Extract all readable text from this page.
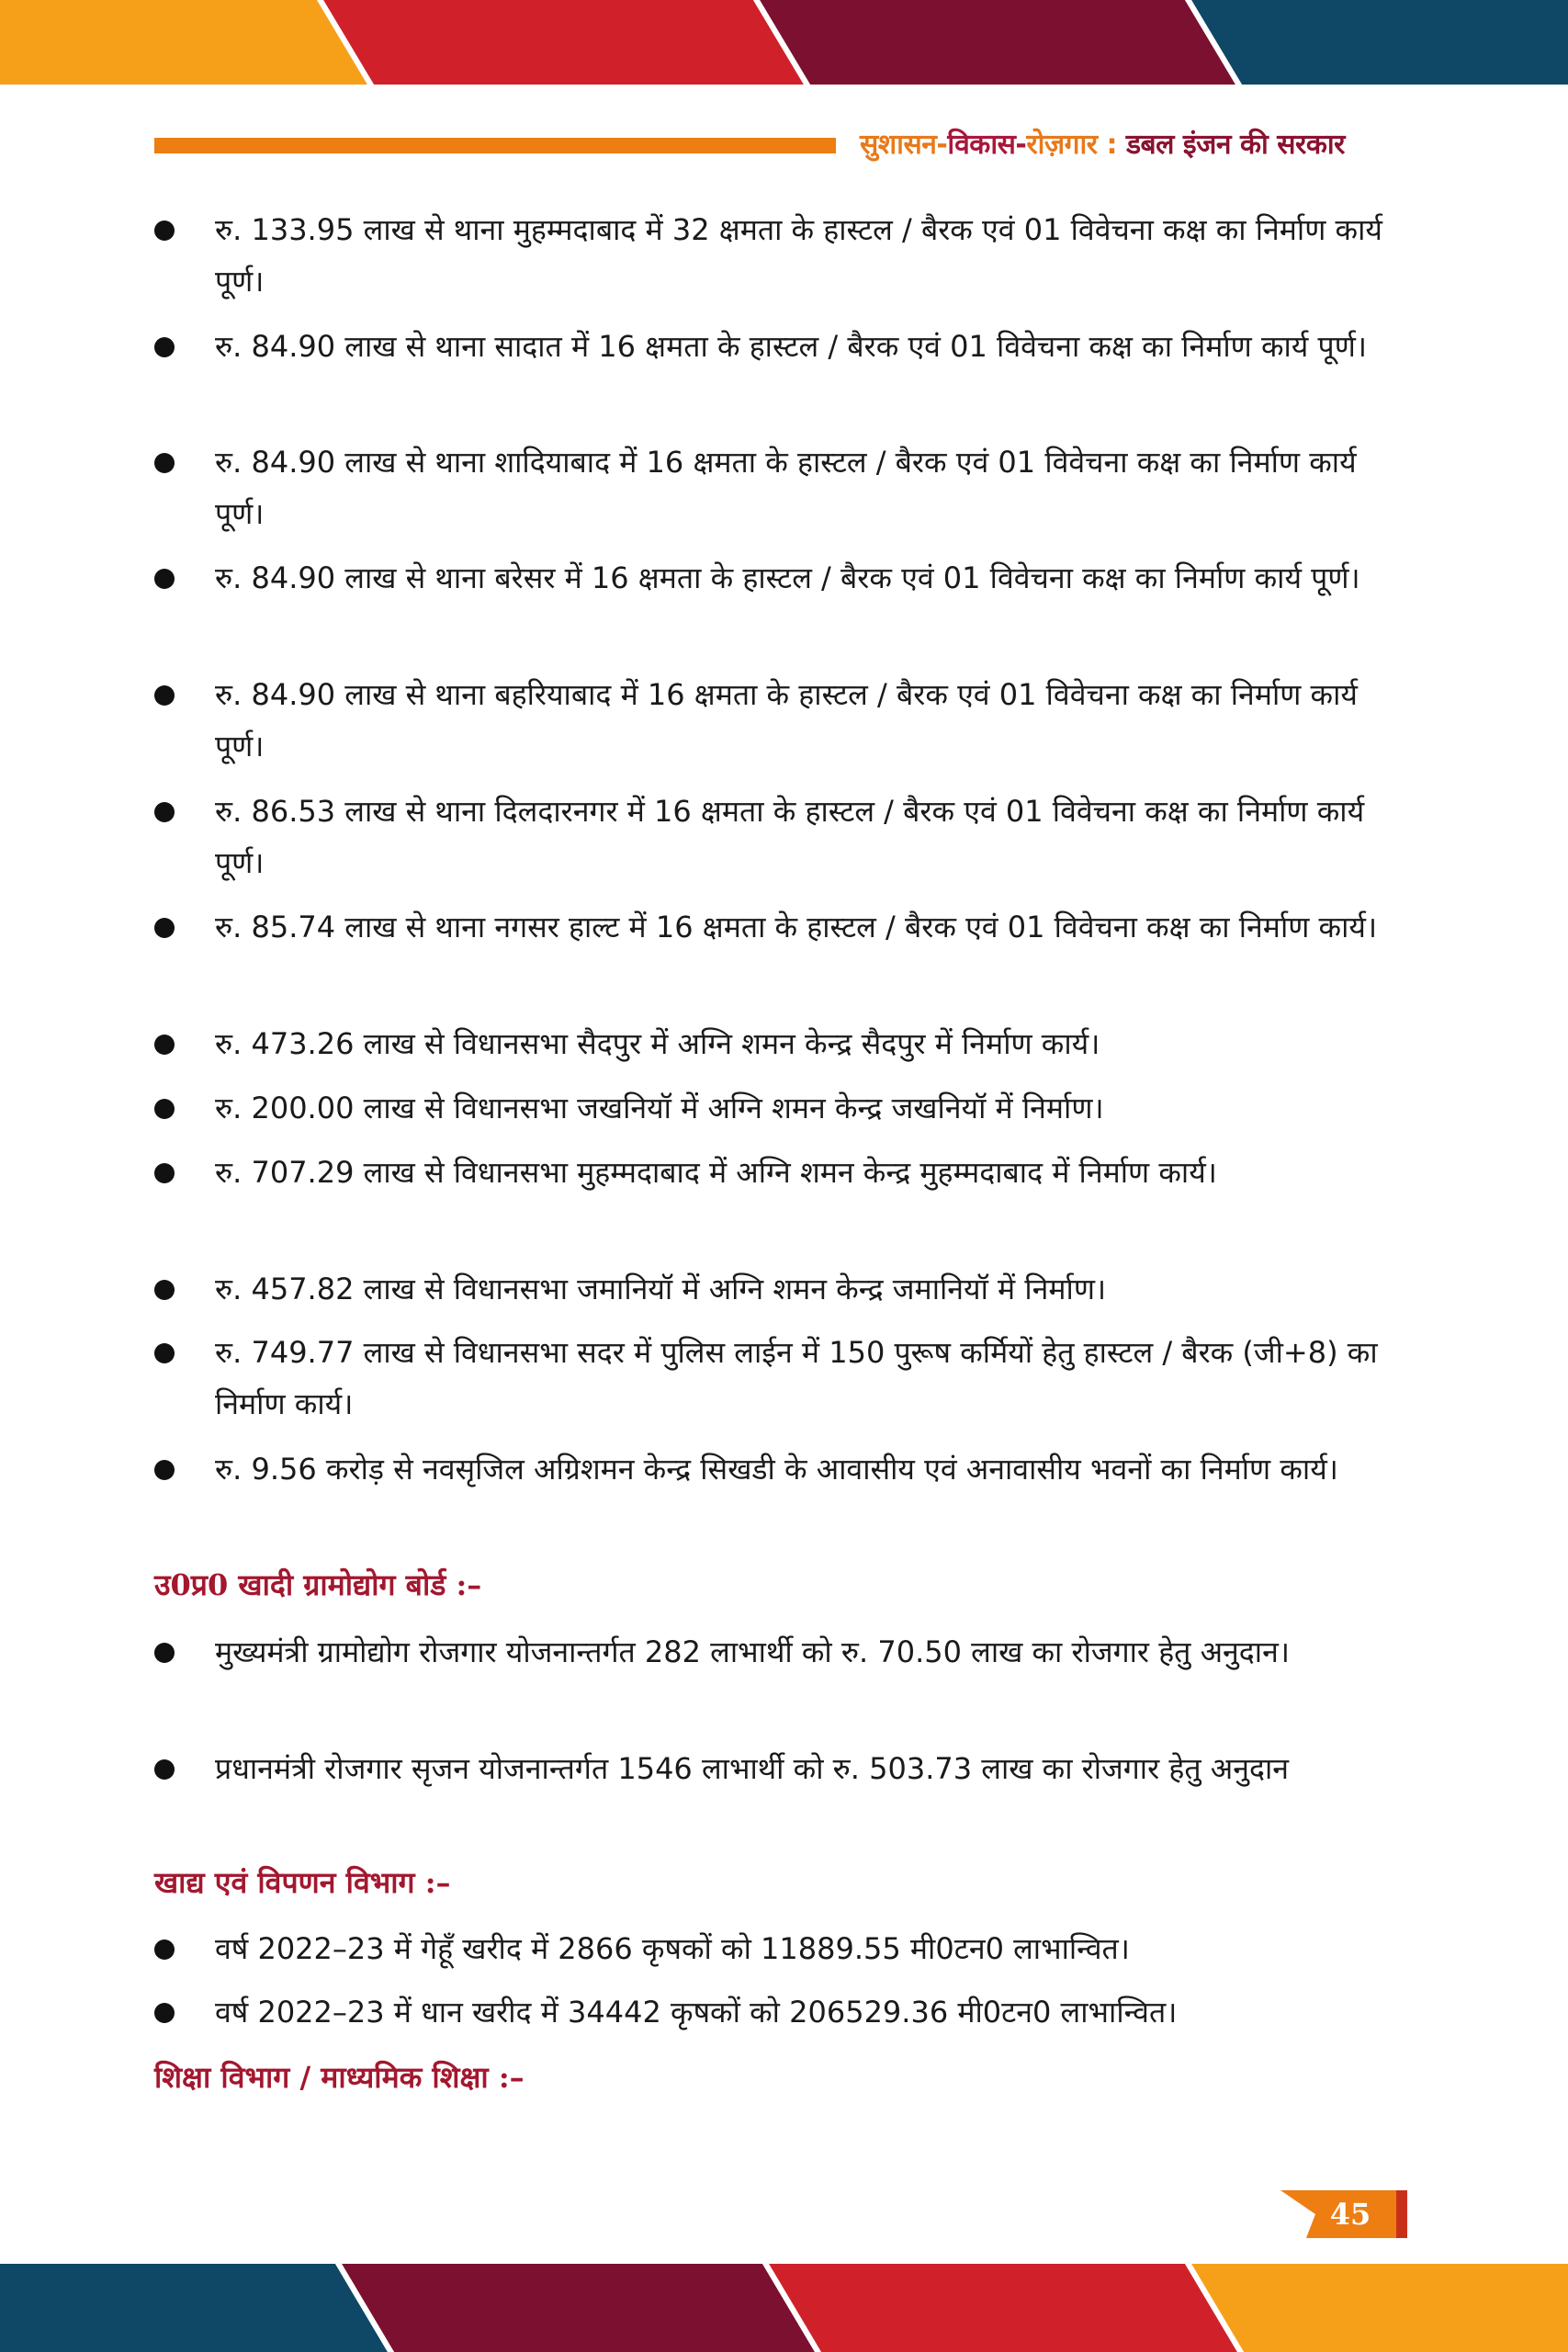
सुशासन-विकास-रोज़गार : डबल इंजन की सरकार
रु. 133.95 लाख से थाना मुहम्मदाबाद में 32 क्षमता के हास्टल / बैरक एवं 01 विवेचना कक्ष का निर्माण कार्य पूर्ण।
रु. 84.90 लाख से थाना सादात में 16 क्षमता के हास्टल / बैरक एवं 01 विवेचना कक्ष का निर्माण कार्य पूर्ण।
रु. 84.90 लाख से थाना शादियाबाद में 16 क्षमता के हास्टल / बैरक एवं 01 विवेचना कक्ष का निर्माण कार्य पूर्ण।
रु. 84.90 लाख से थाना बरेसर में 16 क्षमता के हास्टल / बैरक एवं 01 विवेचना कक्ष का निर्माण कार्य पूर्ण।
रु. 84.90 लाख से थाना बहरियाबाद में 16 क्षमता के हास्टल / बैरक एवं 01 विवेचना कक्ष का निर्माण कार्य पूर्ण।
रु. 86.53 लाख से थाना दिलदारनगर में 16 क्षमता के हास्टल / बैरक एवं 01 विवेचना कक्ष का निर्माण कार्य पूर्ण।
रु. 85.74 लाख से थाना नगसर हाल्ट में 16 क्षमता के हास्टल / बैरक एवं 01 विवेचना कक्ष का निर्माण कार्य।
रु. 473.26 लाख से विधानसभा सैदपुर में अग्नि शमन केन्द्र सैदपुर में निर्माण कार्य।
रु. 200.00 लाख से विधानसभा जखनियॉ में अग्नि शमन केन्द्र जखनियॉ में निर्माण।
रु. 707.29 लाख से विधानसभा मुहम्मदाबाद में अग्नि शमन केन्द्र मुहम्मदाबाद में निर्माण कार्य।
रु. 457.82 लाख से विधानसभा जमानियॉ में अग्नि शमन केन्द्र जमानियॉ में निर्माण।
रु. 749.77 लाख से विधानसभा सदर में पुलिस लाईन में 150 पुरूष कर्मियों हेतु हास्टल / बैरक (जी+8) का निर्माण कार्य।
रु. 9.56 करोड़ से नवसृजिल अग्रिशमन केन्द्र सिखडी के आवासीय एवं अनावासीय भवनों का निर्माण कार्य।
उ0प्र0 खादी ग्रामोद्योग बोर्ड :–
मुख्यमंत्री ग्रामोद्योग रोजगार योजनान्तर्गत 282 लाभार्थी को रु. 70.50 लाख का रोजगार हेतु अनुदान।
प्रधानमंत्री रोजगार सृजन योजनान्तर्गत 1546 लाभार्थी को रु. 503.73 लाख का रोजगार हेतु अनुदान
खाद्य एवं विपणन विभाग :–
वर्ष 2022–23 में गेहूँ खरीद में 2866 कृषकों को 11889.55 मी0टन0 लाभान्वित।
वर्ष 2022–23 में धान खरीद में 34442 कृषकों को 206529.36 मी0टन0 लाभान्वित।
शिक्षा विभाग / माध्यमिक शिक्षा :–
45
